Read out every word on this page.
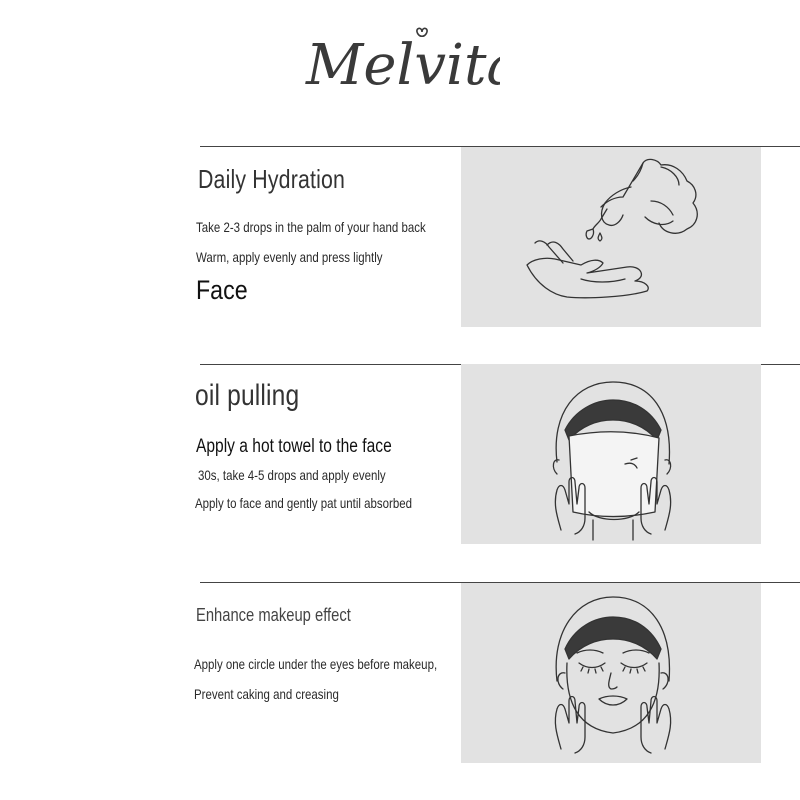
Melvita
Daily Hydration
Take 2-3 drops in the palm of your hand back
Warm, apply evenly and press lightly
Face
oil pulling
Apply a hot towel to the face
30s, take 4-5 drops and apply evenly
Apply to face and gently pat until absorbed
Enhance makeup effect
Apply one circle under the eyes before makeup,
Prevent caking and creasing
